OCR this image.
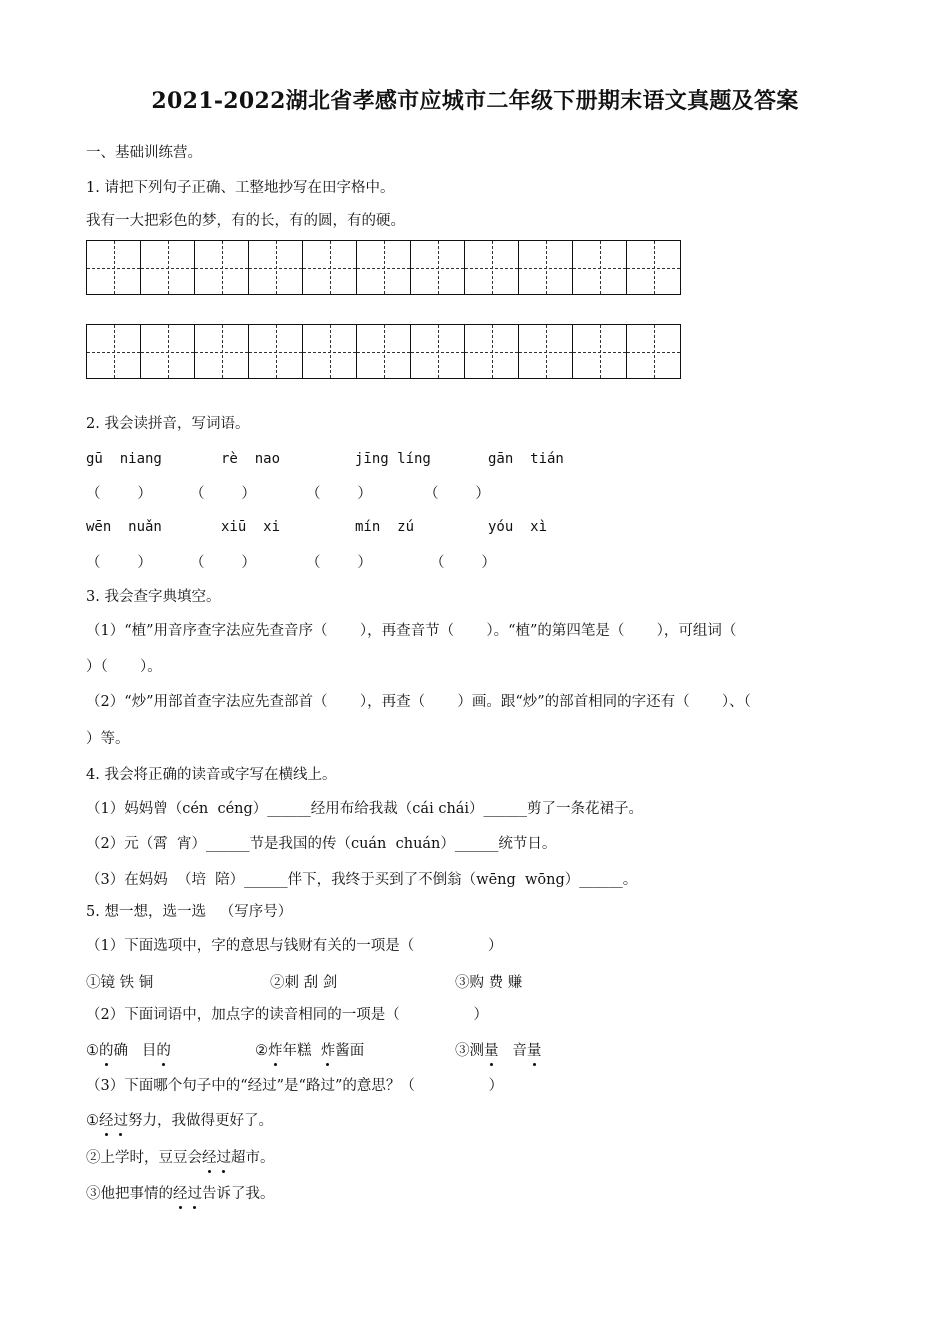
2021-2022湖北省孝感市应城市二年级下册期末语文真题及答案
一、基础训练营。
1. 请把下列句子正确、工整地抄写在田字格中。
我有一大把彩色的梦，有的长，有的圆，有的硬。
2. 我会读拼音，写词语。
gū  niang	rè  nao	jīng líng	gān  tián
（        ）	（        ）	（        ）	（        ）
wēn  nuǎn	xiū  xi	mín  zú	yóu  xì
（        ）	（        ）	（        ）	（        ）
3. 我会查字典填空。
（1）“植”用音序查字法应先查音序（       ），再查音节（       ）。“植”的第四笔是（       ），可组词（
）（       ）。
（2）“炒”用部首查字法应先查部首（       ），再查（       ）画。跟“炒”的部首相同的字还有（       ）、（
）等。
4. 我会将正确的读音或字写在横线上。
（1）妈妈曾（cén  céng）______经用布给我裁（cái chái）______剪了一条花裙子。
（2）元（霄  宵）______节是我国的传（cuán  chuán）______统节日。
（3）在妈妈  （培  陪）______伴下，我终于买到了不倒翁（wēng  wōng）______。
5. 想一想，选一选   （写序号）
（1）下面选项中，字的意思与钱财有关的一项是（                ）
①镜 铁 铜	②刺 刮 剑	③购 费 赚
（2）下面词语中，加点字的读音相同的一项是（                ）
①的确   目的	②炸年糕  炸酱面	③测量   音量
（3）下面哪个句子中的“经过”是“路过”的意思？（                ）
①经过努力，我做得更好了。
②上学时，豆豆会经过超市。
③他把事情的经过告诉了我。
